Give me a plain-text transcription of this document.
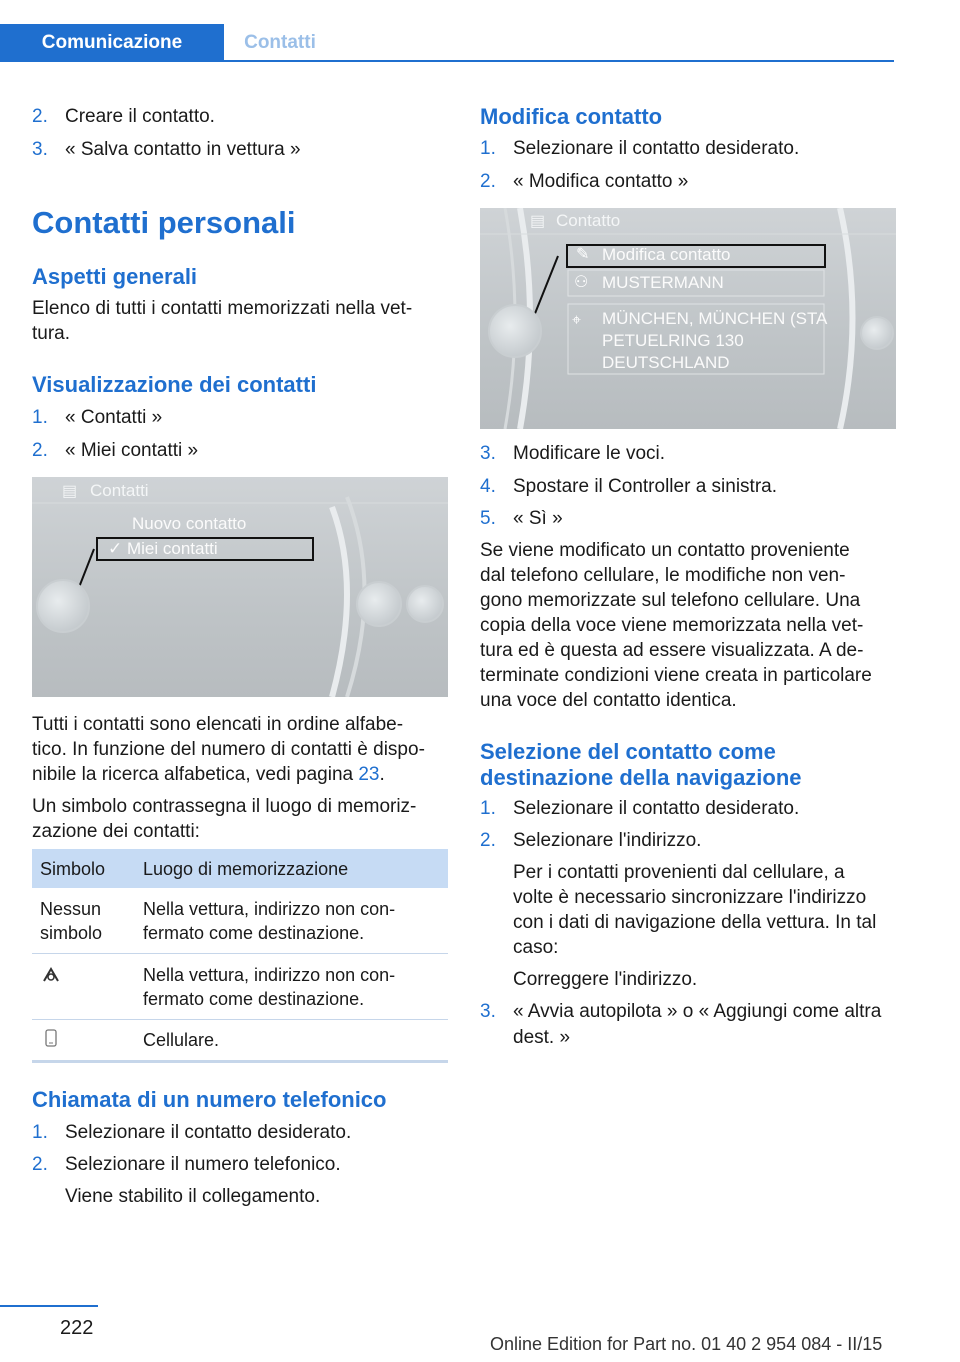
Comunicazione	Contatti
2. Creare il contatto.
3. « Salva contatto in vettura »
Contatti personali
Aspetti generali
Elenco di tutti i contatti memorizzati nella vet-
tura.
Visualizzazione dei contatti
1. « Contatti »
2. « Miei contatti »
▤ Contatti
Nuovo contatto
✓ Miei contatti
Tutti i contatti sono elencati in ordine alfabe-
tico. In funzione del numero di contatti è dispo-
nibile la ricerca alfabetica, vedi pagina 23.
Un simbolo contrassegna il luogo di memoriz-
zazione dei contatti:
Simbolo Luogo di memorizzazione
Nessun
simbolo
Nella vettura, indirizzo non con-
fermato come destinazione.
Nella vettura, indirizzo non con-
fermato come destinazione.
Cellulare.
Chiamata di un numero telefonico
1. Selezionare il contatto desiderato.
2. Selezionare il numero telefonico.
Viene stabilito il collegamento.
Modifica contatto
1. Selezionare il contatto desiderato.
2. « Modifica contatto »
▤ Contatto
✎ Modifica contatto
⚇ MUSTERMANN
⌖ MÜNCHEN, MÜNCHEN (STA
PETUELRING 130
DEUTSCHLAND
3. Modificare le voci.
4. Spostare il Controller a sinistra.
5. « Sì »
Se viene modificato un contatto proveniente
dal telefono cellulare, le modifiche non ven-
gono memorizzate sul telefono cellulare. Una
copia della voce viene memorizzata nella vet-
tura ed è questa ad essere visualizzata. A de-
terminate condizioni viene creata in particolare
una voce del contatto identica.
Selezione del contatto come
destinazione della navigazione
1. Selezionare il contatto desiderato.
2. Selezionare l'indirizzo.
Per i contatti provenienti dal cellulare, a
volte è necessario sincronizzare l'indirizzo
con i dati di navigazione della vettura. In tal
caso:
Correggere l'indirizzo.
3. « Avvia autopilota » o « Aggiungi come altra
dest. »
222
Online Edition for Part no. 01 40 2 954 084 - II/15
